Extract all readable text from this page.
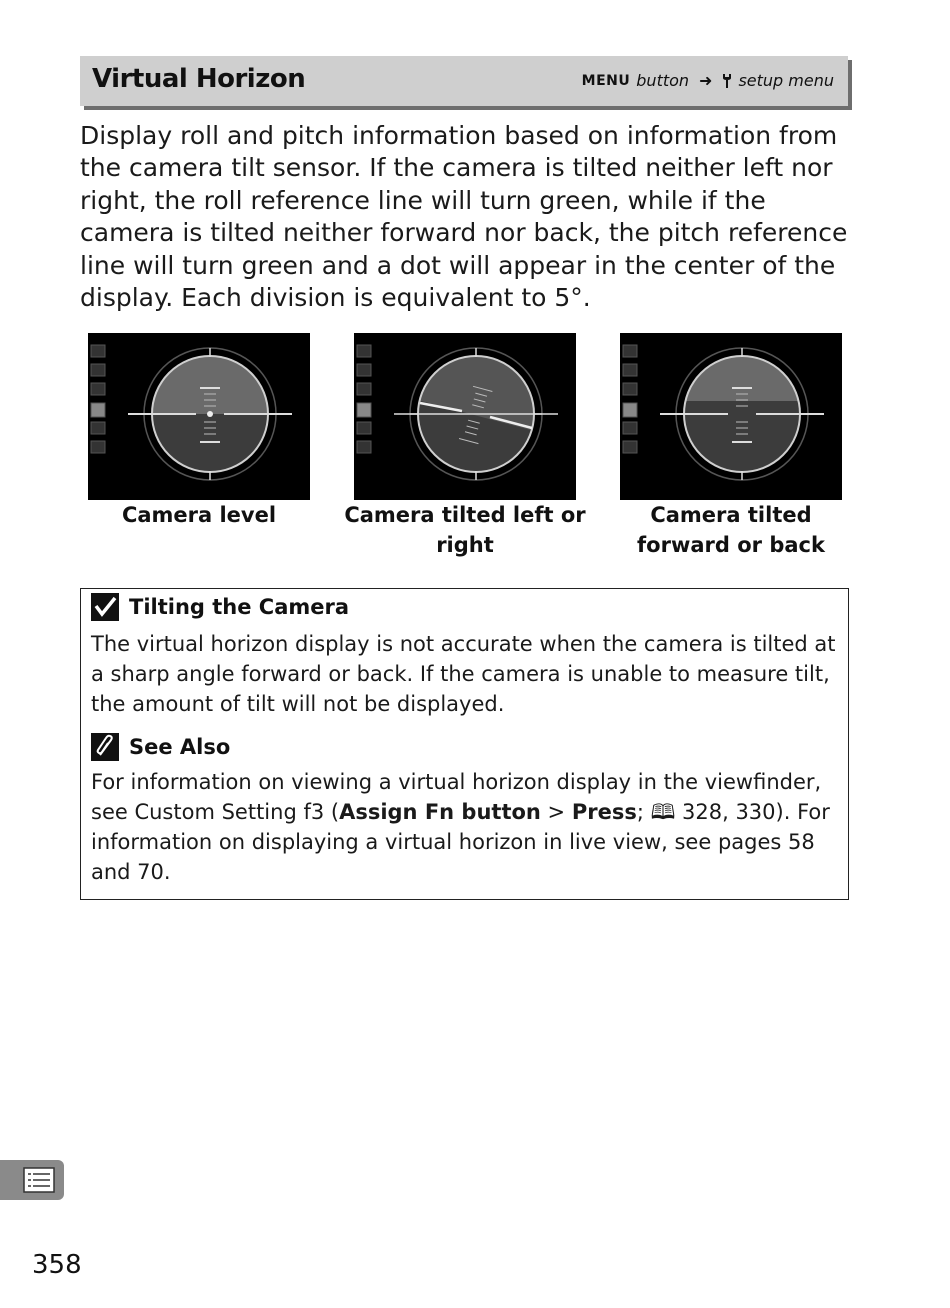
Virtual Horizon	MENU button ➜ setup menu
Display roll and pitch information based on information from the camera tilt sensor. If the camera is tilted neither left nor right, the roll reference line will turn green, while if the camera is tilted neither forward nor back, the pitch reference line will turn green and a dot will appear in the center of the display. Each division is equivalent to 5°.
Camera level	Camera tilted left or right
Camera tilted forward or back
Tilting the Camera
The virtual horizon display is not accurate when the camera is tilted at a sharp angle forward or back. If the camera is unable to measure tilt, the amount of tilt will not be displayed.
See Also
For information on viewing a virtual horizon display in the viewfinder, see Custom Setting f3 (Assign Fn button > Press; 🕮 328, 330). For information on displaying a virtual horizon in live view, see pages 58 and 70.
358
